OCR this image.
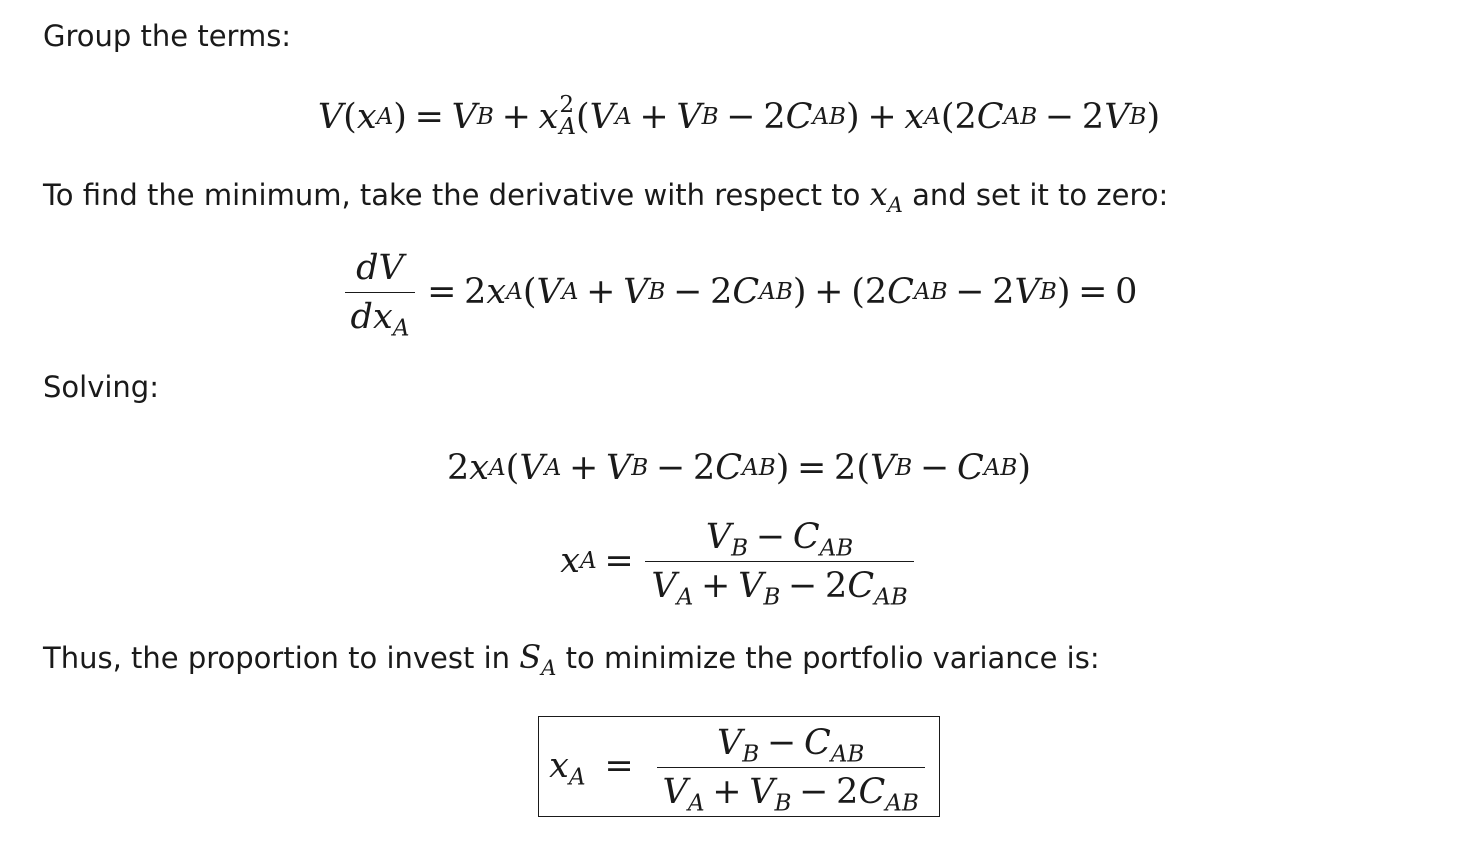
Group the terms:
V ( x A ) = V B + x 2
A ( V A + V B − 2 C AB ) + x A ( 2 C AB − 2 V B )
To find the minimum, take the derivative with respect to $x_A$ and set it to zero:
$\frac{dV}{dx_A} = 2$ x A ( V A + V B − 2 C AB ) + ( 2 C AB − 2 V B ) = 0
Solving:
2 x A ( V A + V B − 2 C AB ) = 2 ( V B − C AB )
x $A = \frac{V_B - C_{AB}}{V_A + V_B - 2C_{AB}}$
Thus, the proportion to invest in $S_A$ to minimize the portfolio variance is:
$x_A = \frac{V_B - C_{AB}}{V_A + V_B - 2C_{AB}}$
